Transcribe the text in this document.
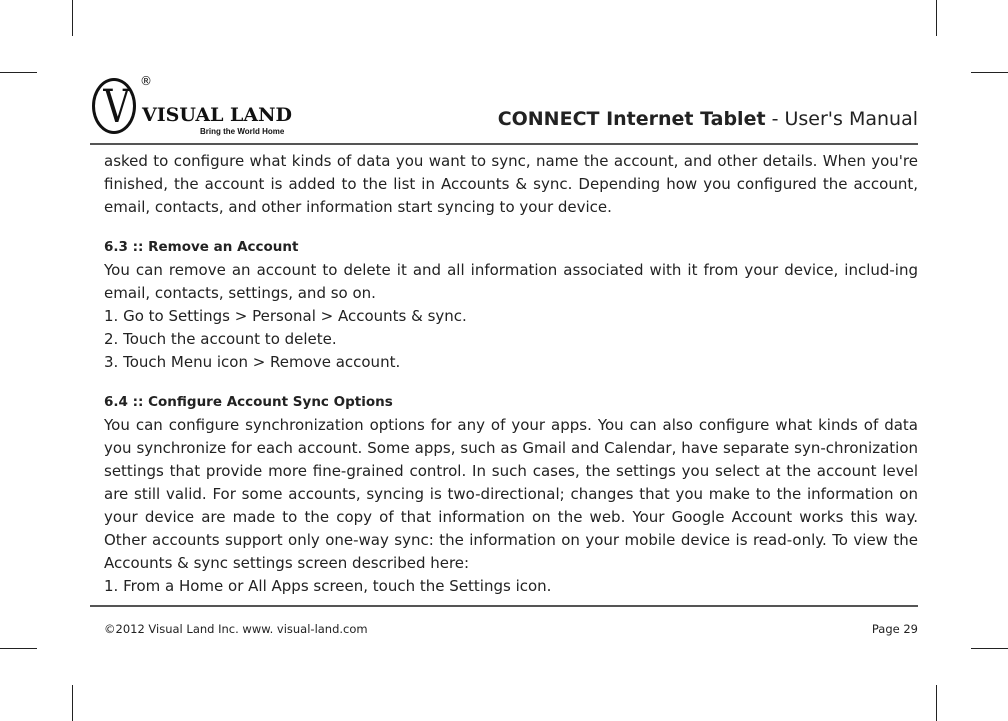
V ®
VISUAL LAND
Bring the World Home
CONNECT Internet Tablet - User's Manual

asked to configure what kinds of data you want to sync, name the account, and other details. When you're finished, the account is added to the list in Accounts & sync. Depending how you configured the account, email, contacts, and other information start syncing to your device.

6.3 :: Remove an Account

You can remove an account to delete it and all information associated with it from your device, includ-ing email, contacts, settings, and so on.

1. Go to Settings > Personal > Accounts & sync.

2. Touch the account to delete.

3. Touch Menu icon > Remove account.

6.4 :: Configure Account Sync Options

You can configure synchronization options for any of your apps. You can also configure what kinds of data you synchronize for each account. Some apps, such as Gmail and Calendar, have separate syn-chronization settings that provide more fine-grained control. In such cases, the settings you select at the account level are still valid. For some accounts, syncing is two-directional; changes that you make to the information on your device are made to the copy of that information on the web. Your Google Account works this way. Other accounts support only one-way sync: the information on your mobile device is read-only. To view the Accounts & sync settings screen described here:

1. From a Home or All Apps screen, touch the Settings icon.

©2012 Visual Land Inc. www. visual-land.com	Page 29
